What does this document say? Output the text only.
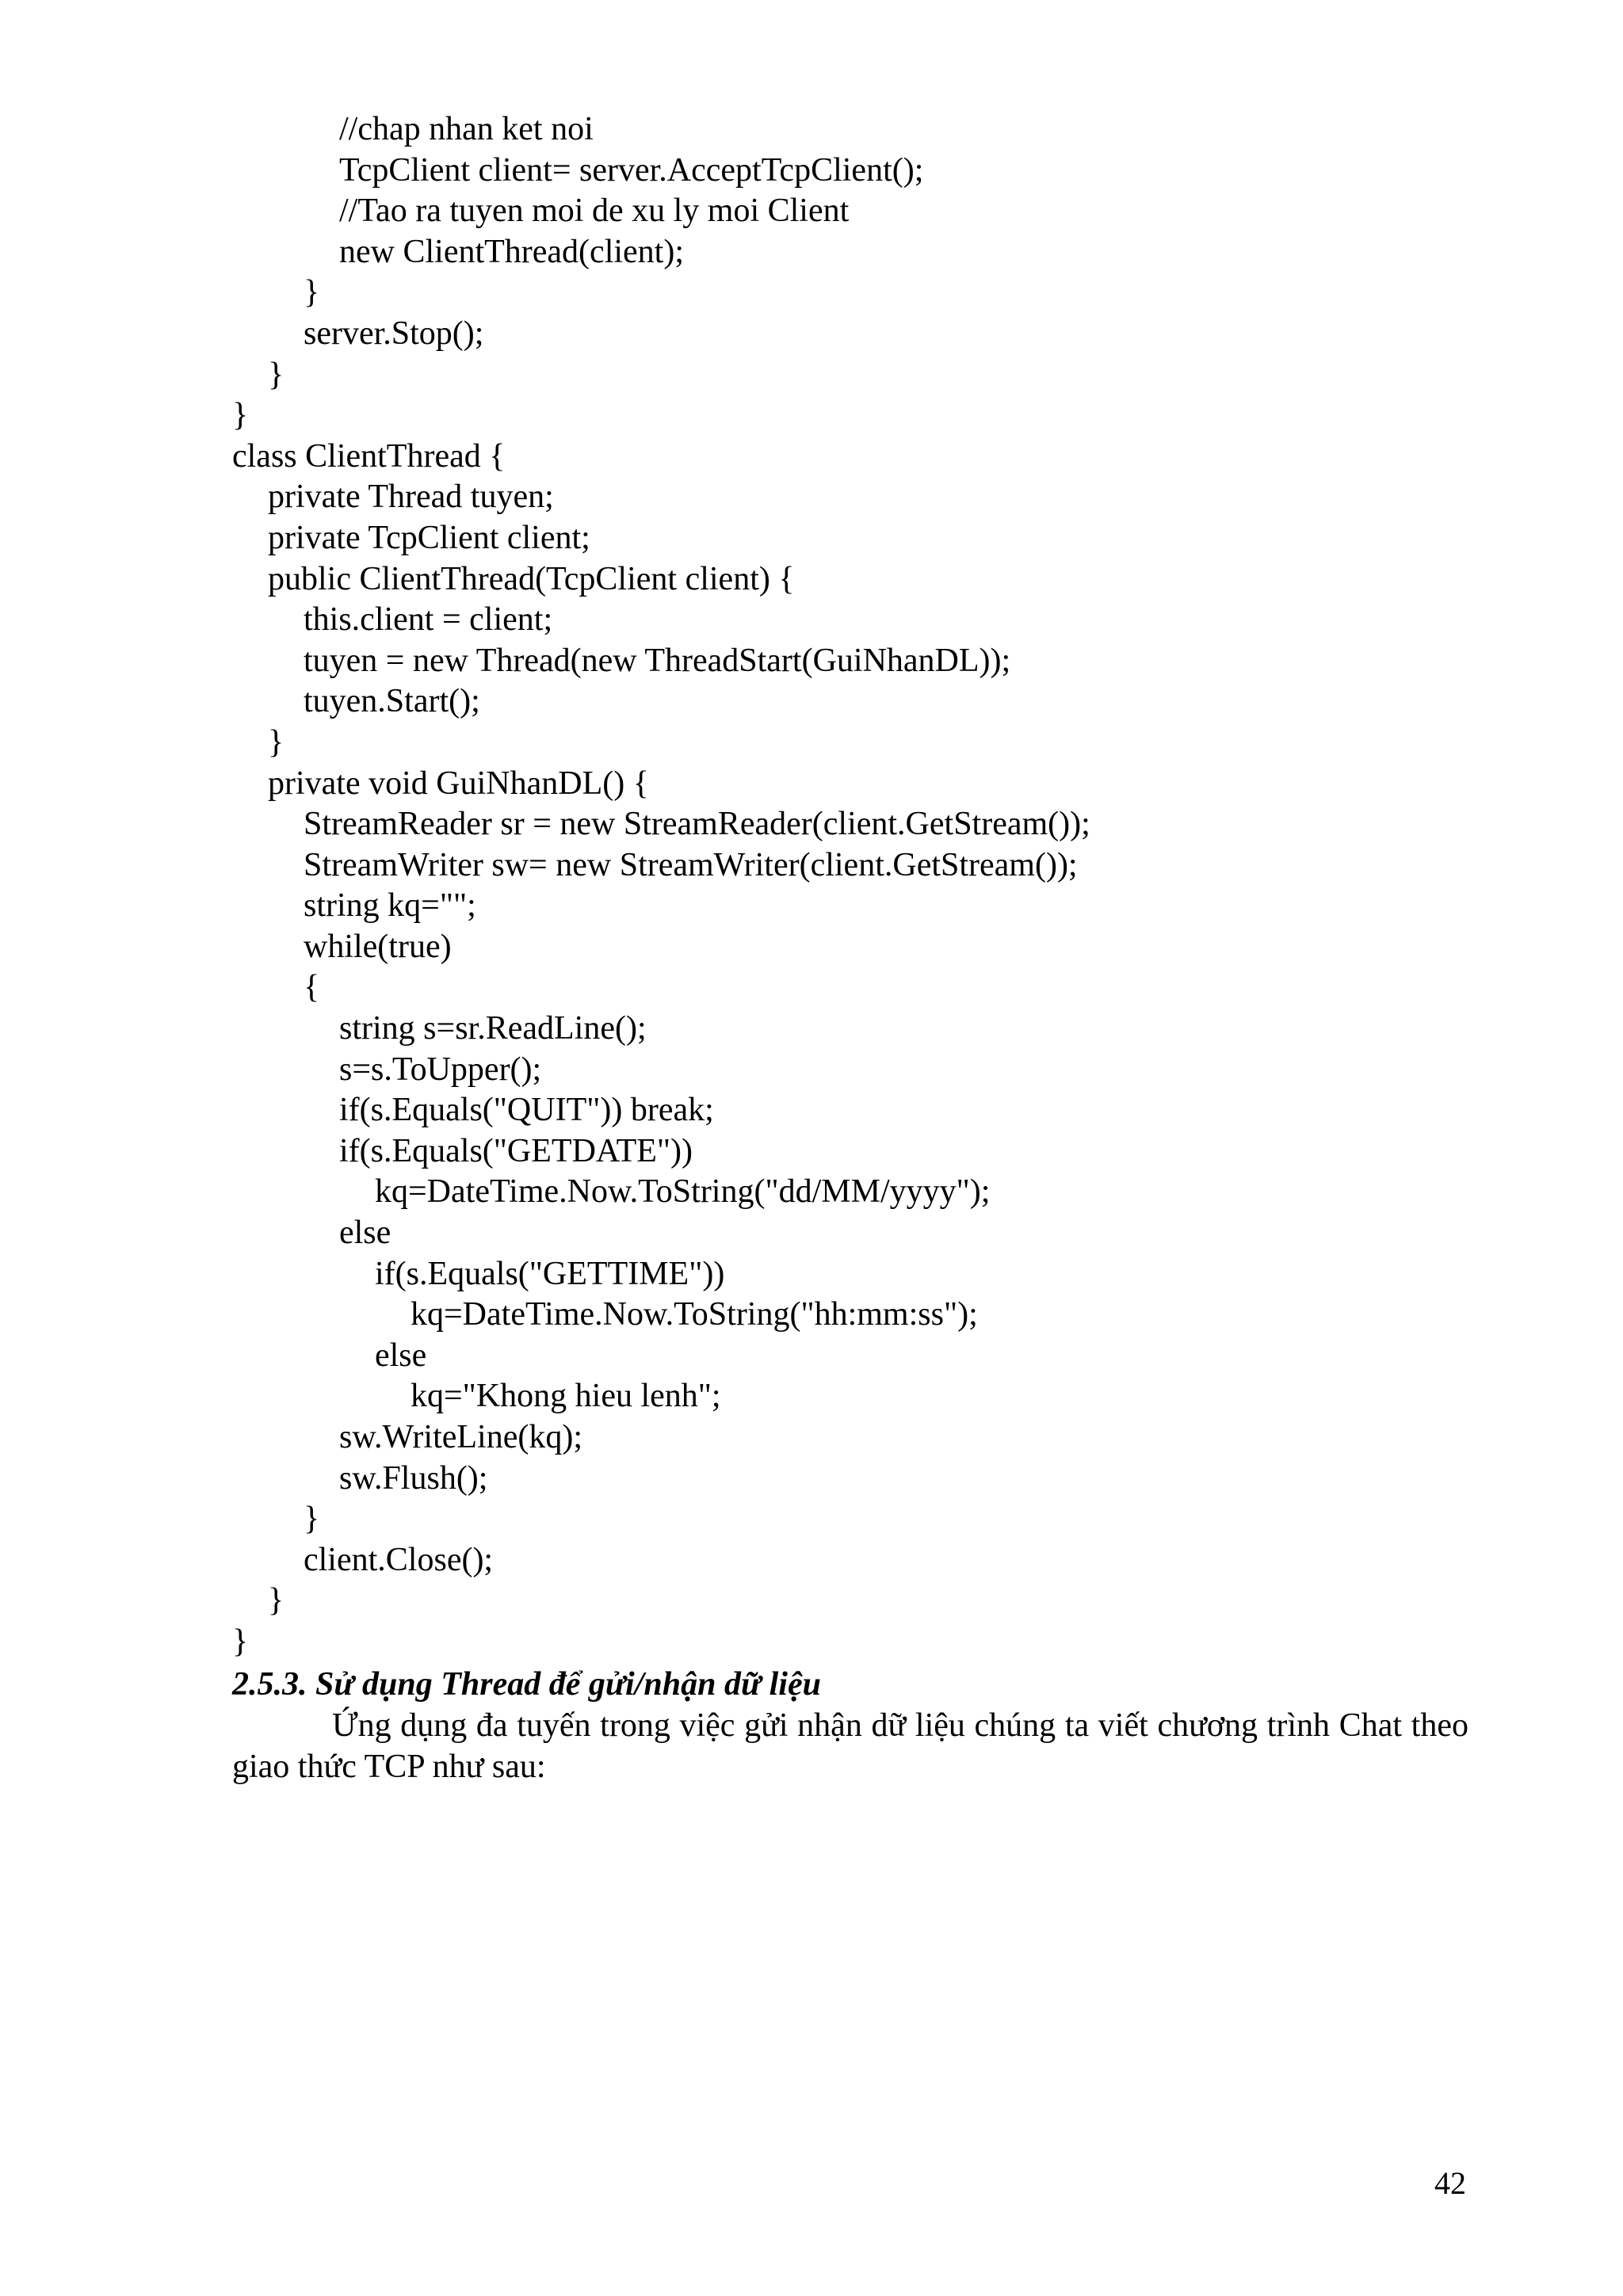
//chap nhan ket noi
TcpClient client= server.AcceptTcpClient();
//Tao ra tuyen moi de xu ly moi Client
new ClientThread(client);
}
server.Stop();
}
}
class ClientThread {
private Thread tuyen;
private TcpClient client;
public ClientThread(TcpClient client) {
this.client = client;
tuyen = new Thread(new ThreadStart(GuiNhanDL));
tuyen.Start();
}
private void GuiNhanDL() {
StreamReader sr = new StreamReader(client.GetStream());
StreamWriter sw= new StreamWriter(client.GetStream());
string kq="";
while(true)
{
string s=sr.ReadLine();
s=s.ToUpper();
if(s.Equals("QUIT")) break;
if(s.Equals("GETDATE"))
kq=DateTime.Now.ToString("dd/MM/yyyy");
else
if(s.Equals("GETTIME"))
kq=DateTime.Now.ToString("hh:mm:ss");
else
kq="Khong hieu lenh";
sw.WriteLine(kq);
sw.Flush();
}
client.Close();
}
}
2.5.3. Sử dụng Thread để gửi/nhận dữ liệu
Ứng dụng đa tuyến trong việc gửi nhận dữ liệu chúng ta viết chương trình Chat theo giao thức TCP như sau:
42
